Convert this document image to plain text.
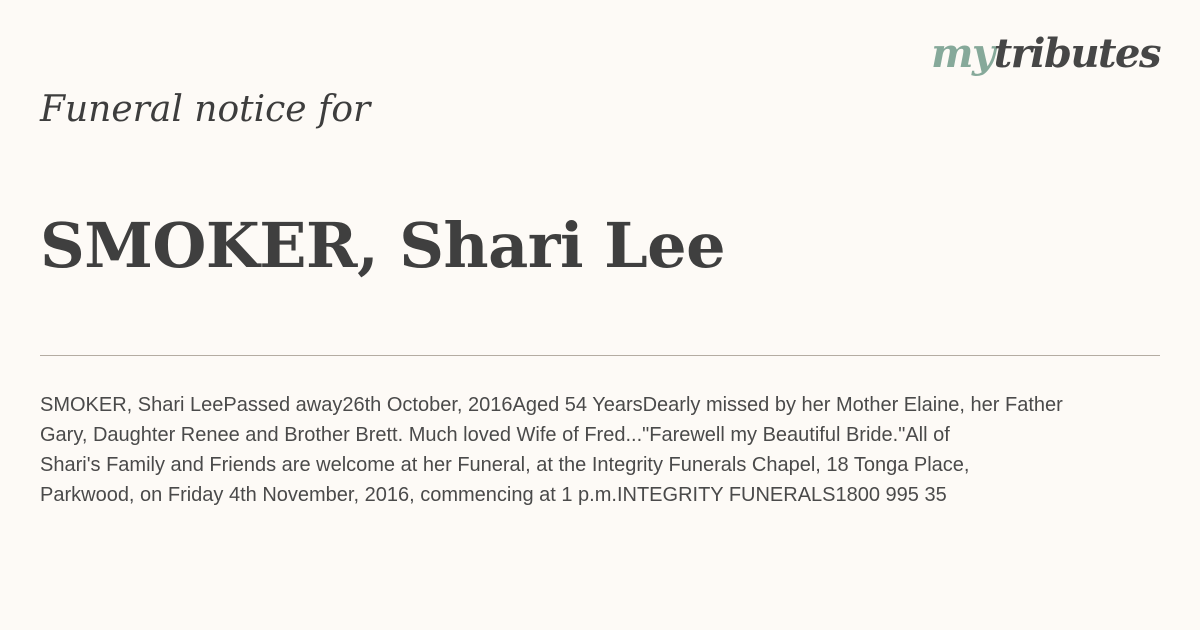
mytributes
Funeral notice for
SMOKER, Shari Lee
SMOKER, Shari LeePassed away26th October, 2016Aged 54 YearsDearly missed by her Mother Elaine, her Father
Gary, Daughter Renee and Brother Brett. Much loved Wife of Fred..."Farewell my Beautiful Bride."All of
Shari's Family and Friends are welcome at her Funeral, at the Integrity Funerals Chapel, 18 Tonga Place,
Parkwood, on Friday 4th November, 2016, commencing at 1 p.m.INTEGRITY FUNERALS1800 995 35
